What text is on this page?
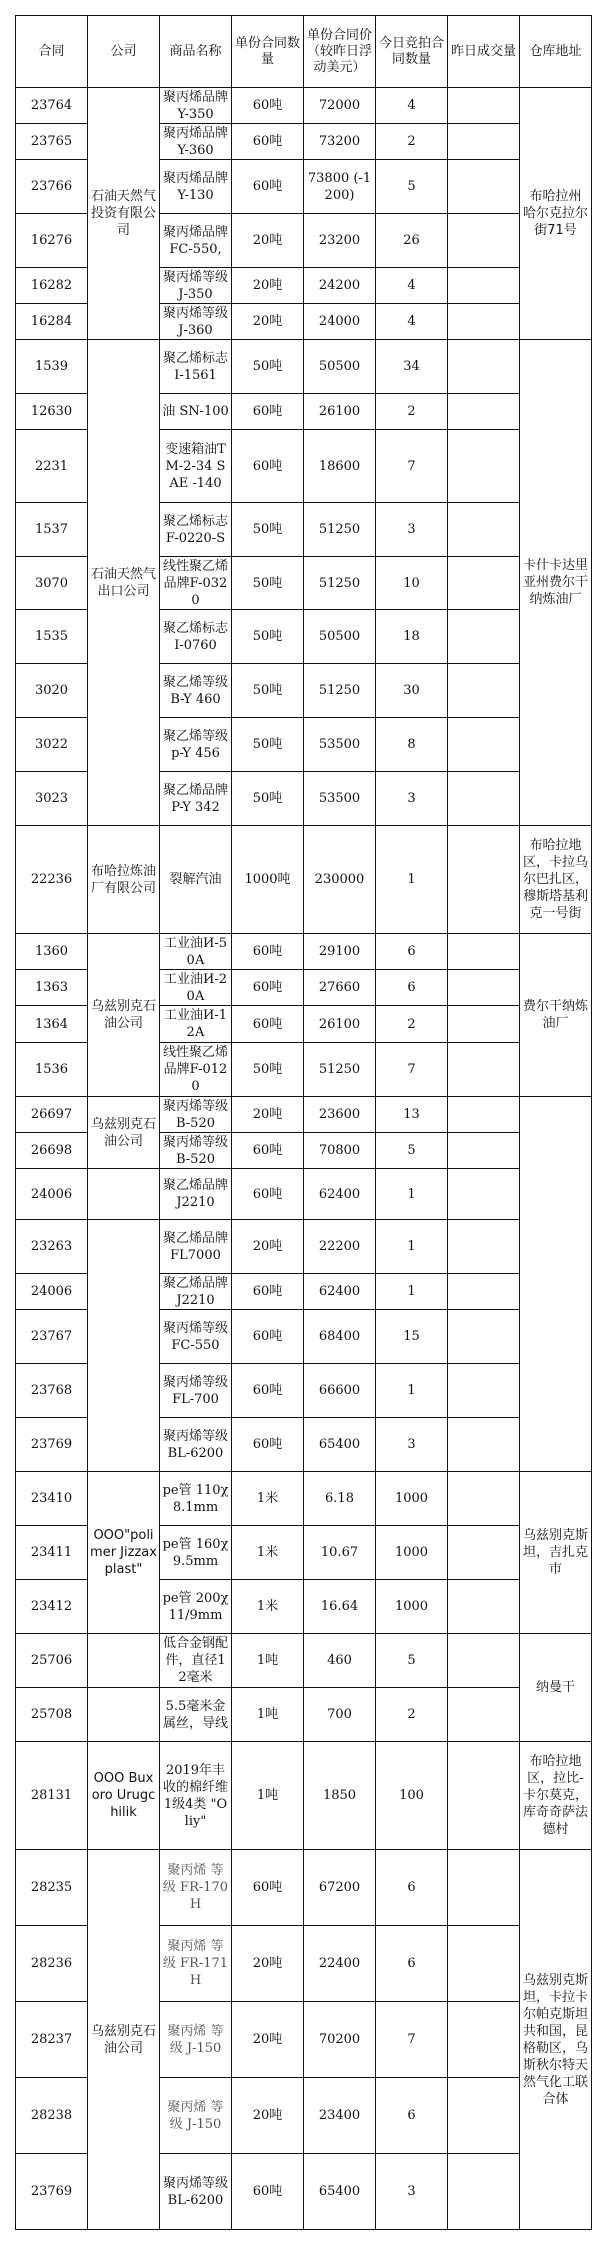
合同	公司	商品名称	单份合同数量	单份合同价（较昨日浮动美元）	今日竞拍合同数量	昨日成交量	仓库地址
23764	石油天然气投资有限公司	聚丙烯品牌Y-350	60吨	72000	4		布哈拉州 哈尔克拉尔街71号
23765		聚丙烯品牌Y-360	60吨	73200	2		
23766		聚丙烯品牌Y-130	60吨	73800 (-1200)	5		
16276		聚丙烯品牌FC-550,	20吨	23200	26		
16282		聚丙烯等级J-350	20吨	24200	4		
16284		聚丙烯等级J-360	20吨	24000	4		
1539	石油天然气出口公司	聚乙烯标志I-1561	50吨	50500	34		卡什卡达里亚州费尔干纳炼油厂
12630		油 SN-100	60吨	26100	2		
2231		变速箱油TM-2-34 SAE -140	60吨	18600	7		
1537		聚乙烯标志 F-0220-S	50吨	51250	3		
3070		线性聚乙烯品牌F-0320	50吨	51250	10		
1535		聚乙烯标志I-0760	50吨	50500	18		
3020		聚乙烯等级B-Y 460	50吨	51250	30		
3022		聚乙烯等级p-Y 456	50吨	53500	8		
3023		聚乙烯品牌P-Y 342	50吨	53500	3		
22236	布哈拉炼油厂有限公司	裂解汽油	1000吨	230000	1		布哈拉地区，卡拉乌尔巴扎区，穆斯塔基利克一号街
1360	乌兹别克石油公司	工业油И-50А	60吨	29100	6		费尔干纳炼油厂
1363		工业油И-20А	60吨	27660	6		
1364		工业油И-12А	60吨	26100	2		
1536		线性聚乙烯品牌F-0120	50吨	51250	7		
26697	乌兹别克石油公司	聚丙烯等级B-520	20吨	23600	13		
26698		聚丙烯等级B-520	60吨	70800	5		
24006		聚乙烯品牌J2210	60吨	62400	1		
23263		聚乙烯品牌 FL7000	20吨	22200	1		
24006		聚乙烯品牌J2210	60吨	62400	1		
23767		聚丙烯等级FC-550	60吨	68400	15		
23768		聚丙烯等级FL-700	60吨	66600	1		
23769		聚丙烯等级BL-6200	60吨	65400	3		
23410	OOO"polimer Jizzax plast"	pe管 110χ 8.1mm	1米	6.18	1000		乌兹别克斯坦，吉扎克市
23411		pe管 160χ 9.5mm	1米	10.67	1000		
23412		pe管 200χ 11/9mm	1米	16.64	1000		
25706		低合金钢配件，直径12毫米	1吨	460	5		纳曼干
25708		5.5毫米金属丝，导线	1吨	700	2		
28131	OOO Buxoro Urugchilik	2019年丰收的棉纤维1级4类 "Oliy"	1吨	1850	100		布哈拉地区，拉比-卡尔莫克，库奇奇萨法德村
28235	乌兹别克石油公司	聚丙烯 等级 FR-170 H	60吨	67200	6		乌兹别克斯坦，卡拉卡尔帕克斯坦共和国，昆格勒区，乌斯秋尔特天然气化工联合体
28236		聚丙烯 等级 FR-171 H	20吨	22400	6		
28237		聚丙烯 等级 J-150	20吨	70200	7		
28238		聚丙烯 等级 J-150	20吨	23400	6		
23769		聚丙烯等级BL-6200	60吨	65400	3		
